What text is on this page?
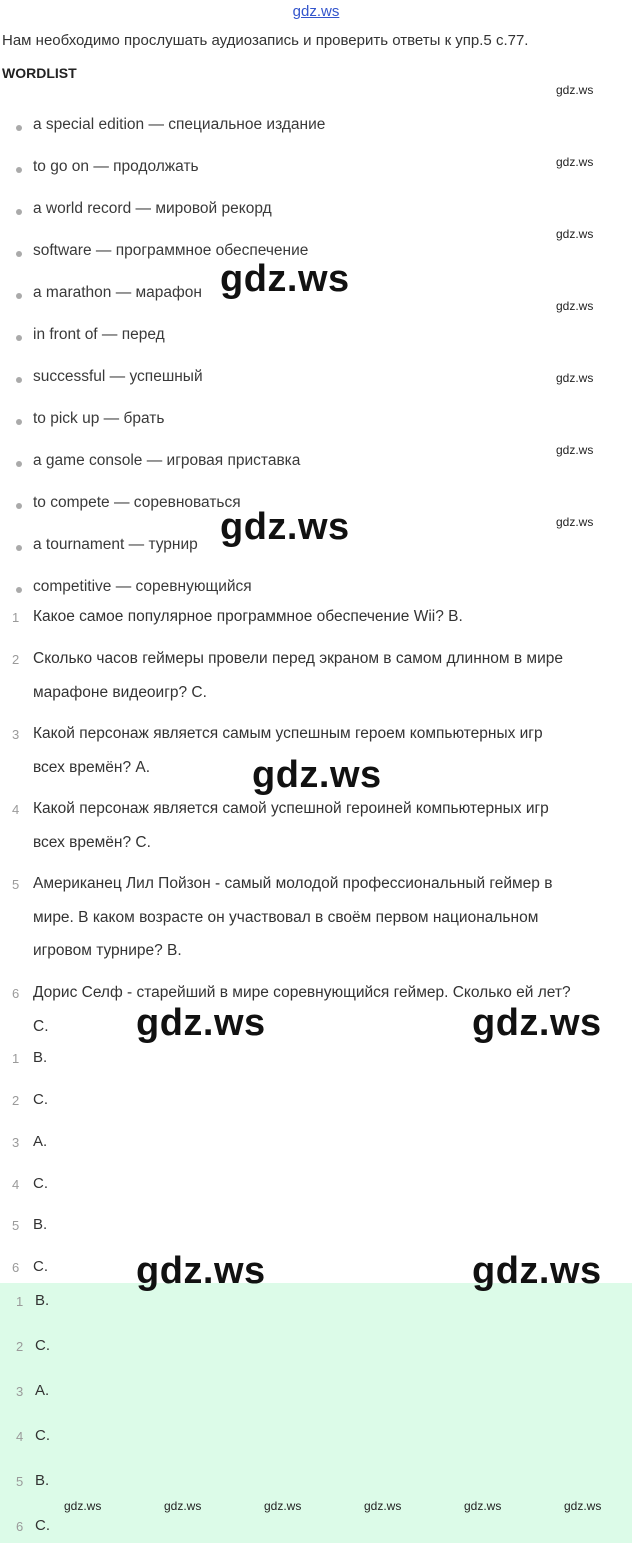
gdz.ws
Нам необходимо прослушать аудиозапись и проверить ответы к упр.5 с.77.
WORDLIST
a special edition — специальное издание
to go on — продолжать
a world record — мировой рекорд
software — программное обеспечение
a marathon — марафон
in front of — перед
successful — успешный
to pick up — брать
a game console — игровая приставка
to compete — соревноваться
a tournament — турнир
competitive — соревнующийся
1 Какое самое популярное программное обеспечение Wii? B.
2 Сколько часов геймеры провели перед экраном в самом длинном в мире
марафоне видеоигр? C.
3 Какой персонаж является самым успешным героем компьютерных игр
всех времён? A.
4 Какой персонаж является самой успешной героиней компьютерных игр
всех времён? C.
5 Американец Лил Пойзон - самый молодой профессиональный геймер в
мире. В каком возрасте он участвовал в своём первом национальном
игровом турнире? B.
6 Дорис Селф - старейший в мире соревнующийся геймер. Сколько ей лет?
C.
1 B.
2 C.
3 A.
4 C.
5 B.
6 C.
1 B.
2 C.
3 A.
4 C.
5 B.
6 C.
gdz.ws
gdz.ws
gdz.ws
gdz.ws
gdz.ws
gdz.ws
gdz.ws
gdz.ws
gdz.ws
gdz.ws
gdz.ws	gdz.ws
gdz.ws	gdz.ws
gdz.ws	gdz.ws	gdz.ws	gdz.ws	gdz.ws	gdz.ws
